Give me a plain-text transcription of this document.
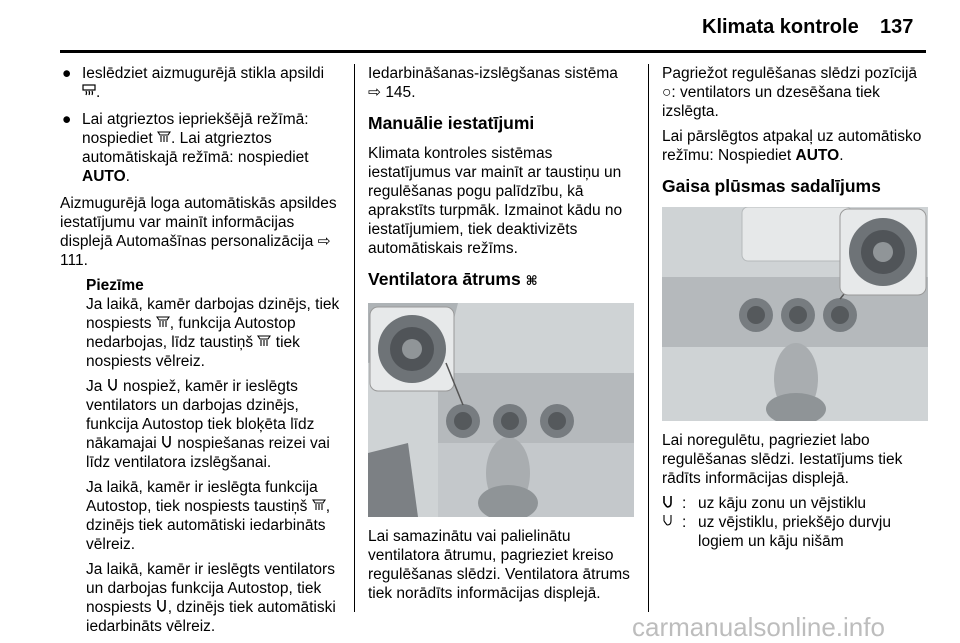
Klimata kontrole 137
● Ieslēdziet aizmugurējā stikla apsildi .
● Lai atgrieztos iepriekšējā režīmā: nospiediet . Lai atgrieztos automātiskajā režīmā: nospiediet AUTO.

Aizmugurējā loga automātiskās apsildes iestatījumu var mainīt informācijas displejā Automašīnas personalizācija ⇨ 111.

Piezīme

Ja laikā, kamēr darbojas dzinējs, tiek nospiests , funkcija Autostop nedarbojas, līdz taustiņš tiek nospiests vēlreiz.

Ja nospiež, kamēr ir ieslēgts ventilators un darbojas dzinējs, funkcija Autostop tiek bloķēta līdz nākamajai nospiešanas reizei vai līdz ventilatora izslēgšanai.

Ja laikā, kamēr ir ieslēgta funkcija Autostop, tiek nospiests taustiņš , dzinējs tiek automātiski iedarbināts vēlreiz.

Ja laikā, kamēr ir ieslēgts ventilators un darbojas funkcija Autostop, tiek nospiests , dzinējs tiek automātiski iedarbināts vēlreiz.

Iedarbināšanas-izslēgšanas sistēma ⇨ 145.

Manuālie iestatījumi

Klimata kontroles sistēmas iestatījumus var mainīt ar taustiņu un regulēšanas pogu palīdzību, kā aprakstīts turpmāk. Izmainot kādu no iestatījumiem, tiek deaktivizēts automātiskais režīms.

Ventilatora ātrums ⌘

Lai samazinātu vai palielinātu ventilatora ātrumu, pagrieziet kreiso regulēšanas slēdzi. Ventilatora ātrums tiek norādīts informācijas displejā.

Pagriežot regulēšanas slēdzi pozīcijā ○: ventilators un dzesēšana tiek izslēgta.

Lai pārslēgtos atpakaļ uz automātisko režīmu: Nospiediet AUTO.

Gaisa plūsmas sadalījums

Lai noregulētu, pagrieziet labo regulēšanas slēdzi. Iestatījums tiek rādīts informācijas displejā.

: uz kāju zonu un vējstiklu
: uz vējstiklu, priekšējo durvju logiem un kāju nišām
carmanualsonline.info
